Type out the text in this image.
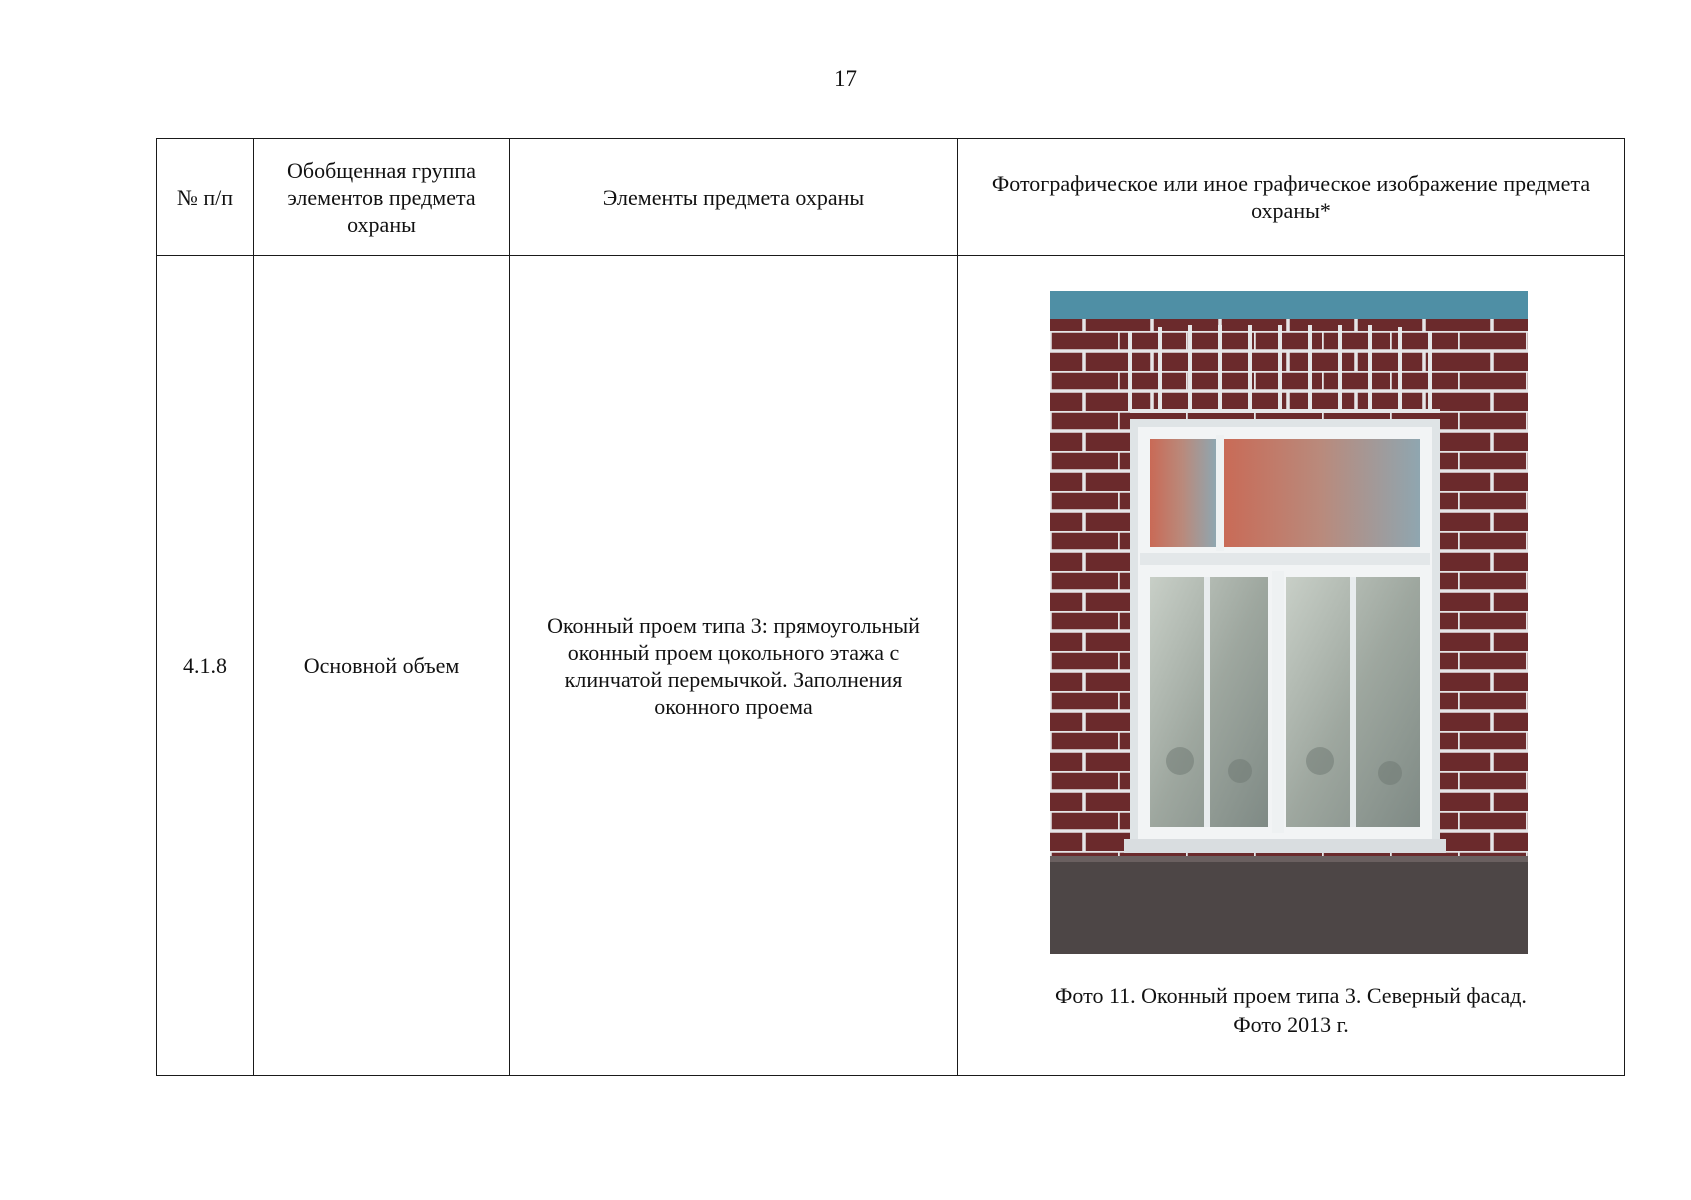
17
№ п/п	Обобщенная группа элементов предмета охраны	Элементы предмета охраны	Фотографическое или иное графическое изображение предмета охраны*
4.1.8	Основной объем	Оконный проем типа 3: прямоугольный оконный проем цокольного этажа с клинчатой перемычкой. Заполнения оконного проема	Фото 11. Оконный проем типа 3. Северный фасад.
Фото 2013 г.
